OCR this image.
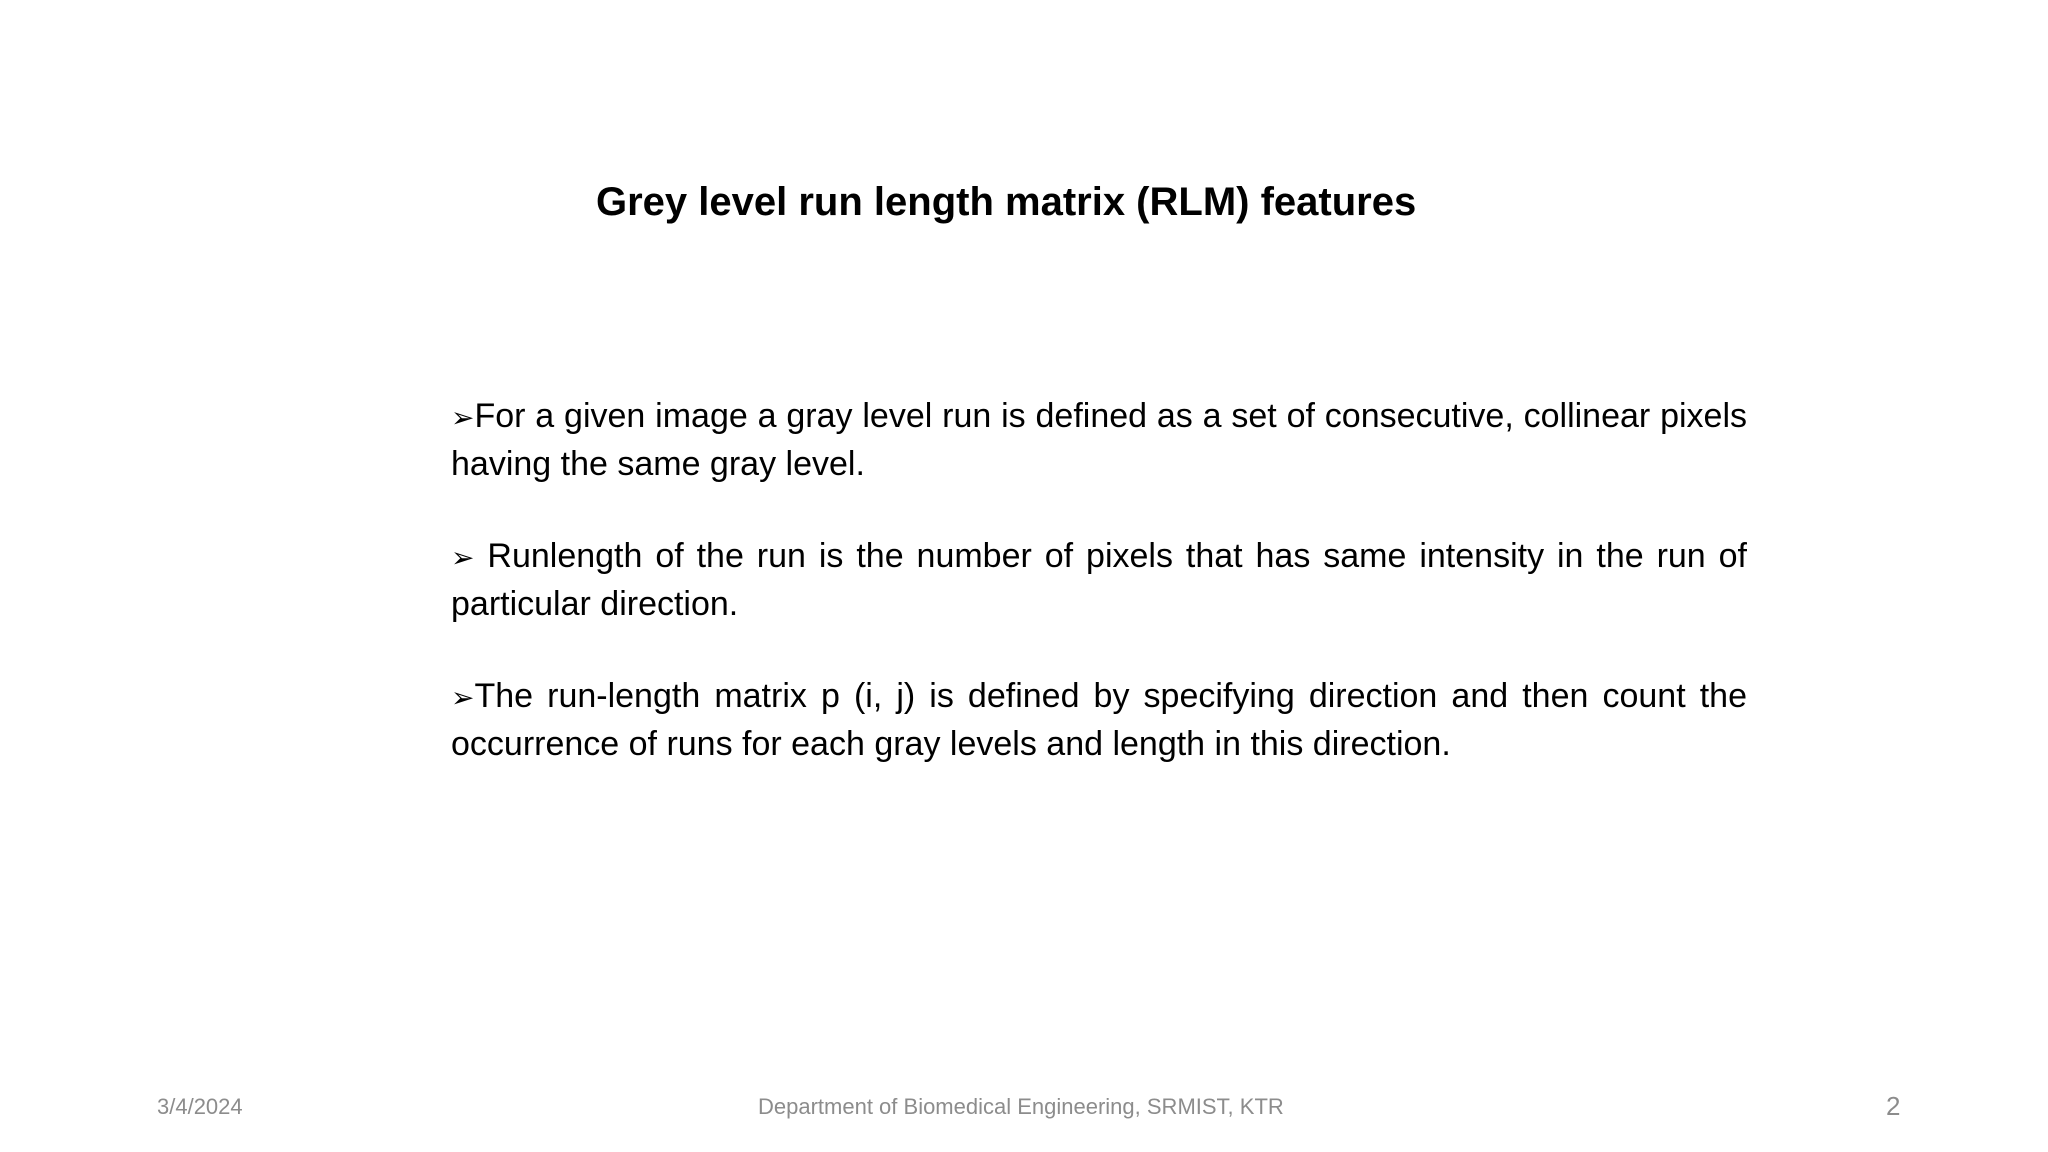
Grey level run length matrix (RLM) features
➢For a given image a gray level run is defined as a set of consecutive, collinear pixels having the same gray level.
➢ Runlength of the run is the number of pixels that has same intensity in the run of particular direction.
➢The run-length matrix p (i, j) is defined by specifying direction and then count the occurrence of runs for each gray levels and length in this direction.
3/4/2024	Department of Biomedical Engineering, SRMIST, KTR	2
